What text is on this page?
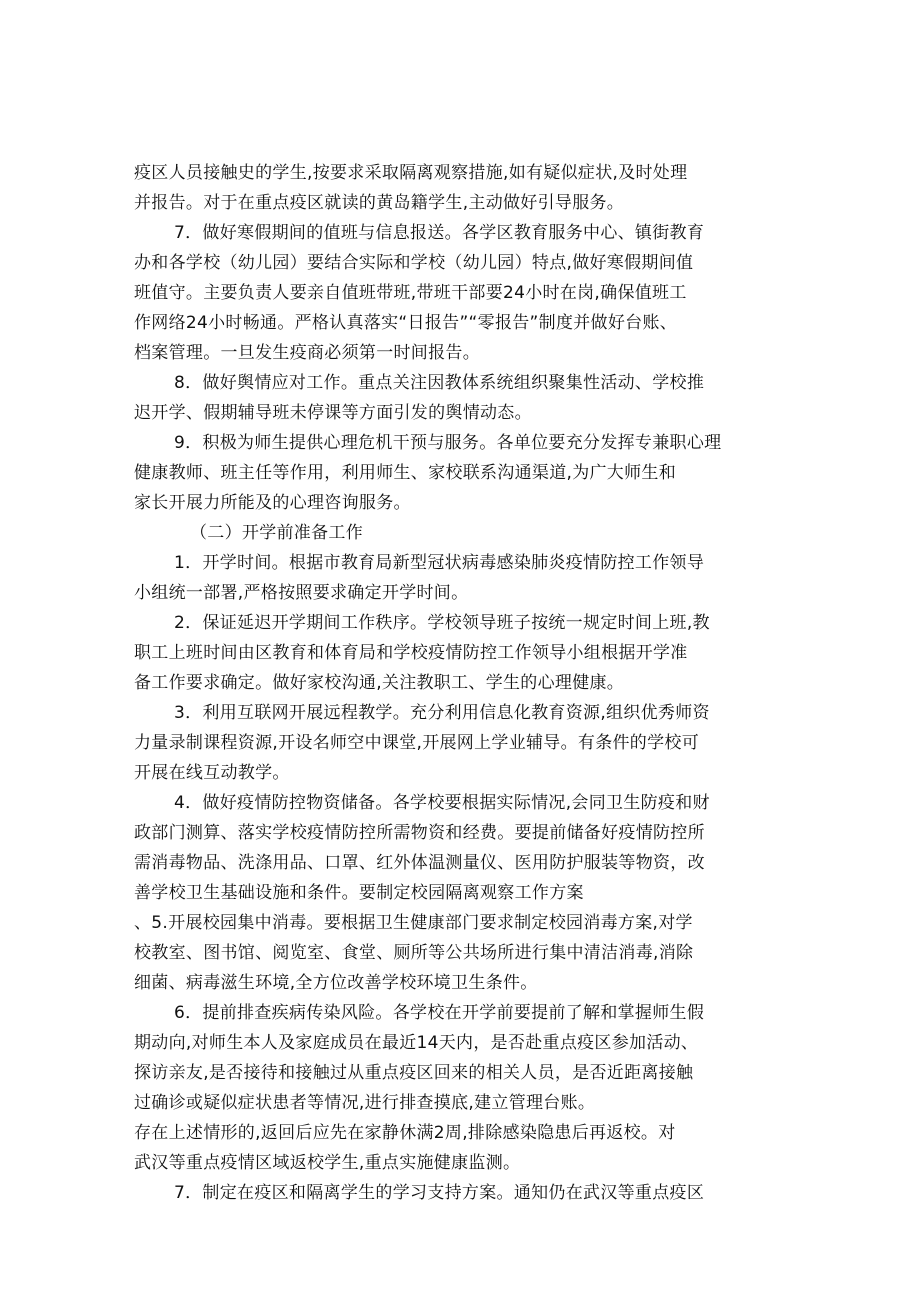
疫区人员接触史的学生,按要求采取隔离观察措施,如有疑似症状,及时处理
并报告。对于在重点疫区就读的黄岛籍学生,主动做好引导服务。
7．做好寒假期间的值班与信息报送。各学区教育服务中心、镇街教育
办和各学校（幼儿园）要结合实际和学校（幼儿园）特点,做好寒假期间值
班值守。主要负责人要亲自值班带班,带班干部要24小时在岗,确保值班工
作网络24小时畅通。严格认真落实“日报告”“零报告”制度并做好台账、
档案管理。一旦发生疫商必须第一时间报告。
8．做好舆情应对工作。重点关注因教体系统组织聚集性活动、学校推
迟开学、假期辅导班未停课等方面引发的舆情动态。
9．积极为师生提供心理危机干预与服务。各单位要充分发挥专兼职心理
健康教师、班主任等作用，利用师生、家校联系沟通渠道,为广大师生和
家长开展力所能及的心理咨询服务。
（二）开学前准备工作
1．开学时间。根据市教育局新型冠状病毒感染肺炎疫情防控工作领导
小组统一部署,严格按照要求确定开学时间。
2．保证延迟开学期间工作秩序。学校领导班子按统一规定时间上班,教
职工上班时间由区教育和体育局和学校疫情防控工作领导小组根据开学准
备工作要求确定。做好家校沟通,关注教职工、学生的心理健康。
3．利用互联网开展远程教学。充分利用信息化教育资源,组织优秀师资
力量录制课程资源,开设名师空中课堂,开展网上学业辅导。有条件的学校可
开展在线互动教学。
4．做好疫情防控物资储备。各学校要根据实际情况,会同卫生防疫和财
政部门测算、落实学校疫情防控所需物资和经费。要提前储备好疫情防控所
需消毒物品、洗涤用品、口罩、红外体温测量仪、医用防护服装等物资，改
善学校卫生基础设施和条件。要制定校园隔离观察工作方案
、5.开展校园集中消毒。要根据卫生健康部门要求制定校园消毒方案,对学
校教室、图书馆、阅览室、食堂、厕所等公共场所进行集中清洁消毒,消除
细菌、病毒滋生环境,全方位改善学校环境卫生条件。
6．提前排查疾病传染风险。各学校在开学前要提前了解和掌握师生假
期动向,对师生本人及家庭成员在最近14天内，是否赴重点疫区参加活动、
探访亲友,是否接待和接触过从重点疫区回来的相关人员，是否近距离接触
过确诊或疑似症状患者等情况,进行排查摸底,建立管理台账。
存在上述情形的,返回后应先在家静休满2周,排除感染隐患后再返校。对
武汉等重点疫情区域返校学生,重点实施健康监测。
7．制定在疫区和隔离学生的学习支持方案。通知仍在武汉等重点疫区
